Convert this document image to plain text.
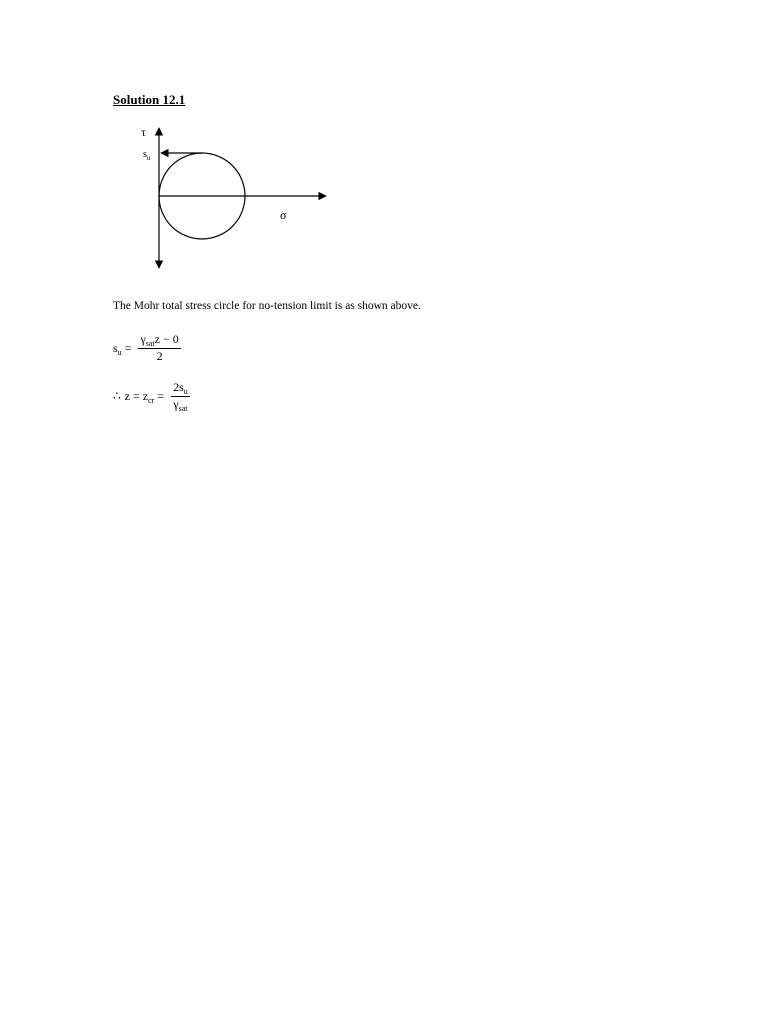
Solution 12.1
τ
$s_u$
σ
The Mohr total stress circle for no-tension limit is as shown above.
$s_u = \frac{\gamma_{sat}z - 0}{2}$
∴ $z = z_{cr} = \frac{2s_u}{\gamma_{sat}}$
